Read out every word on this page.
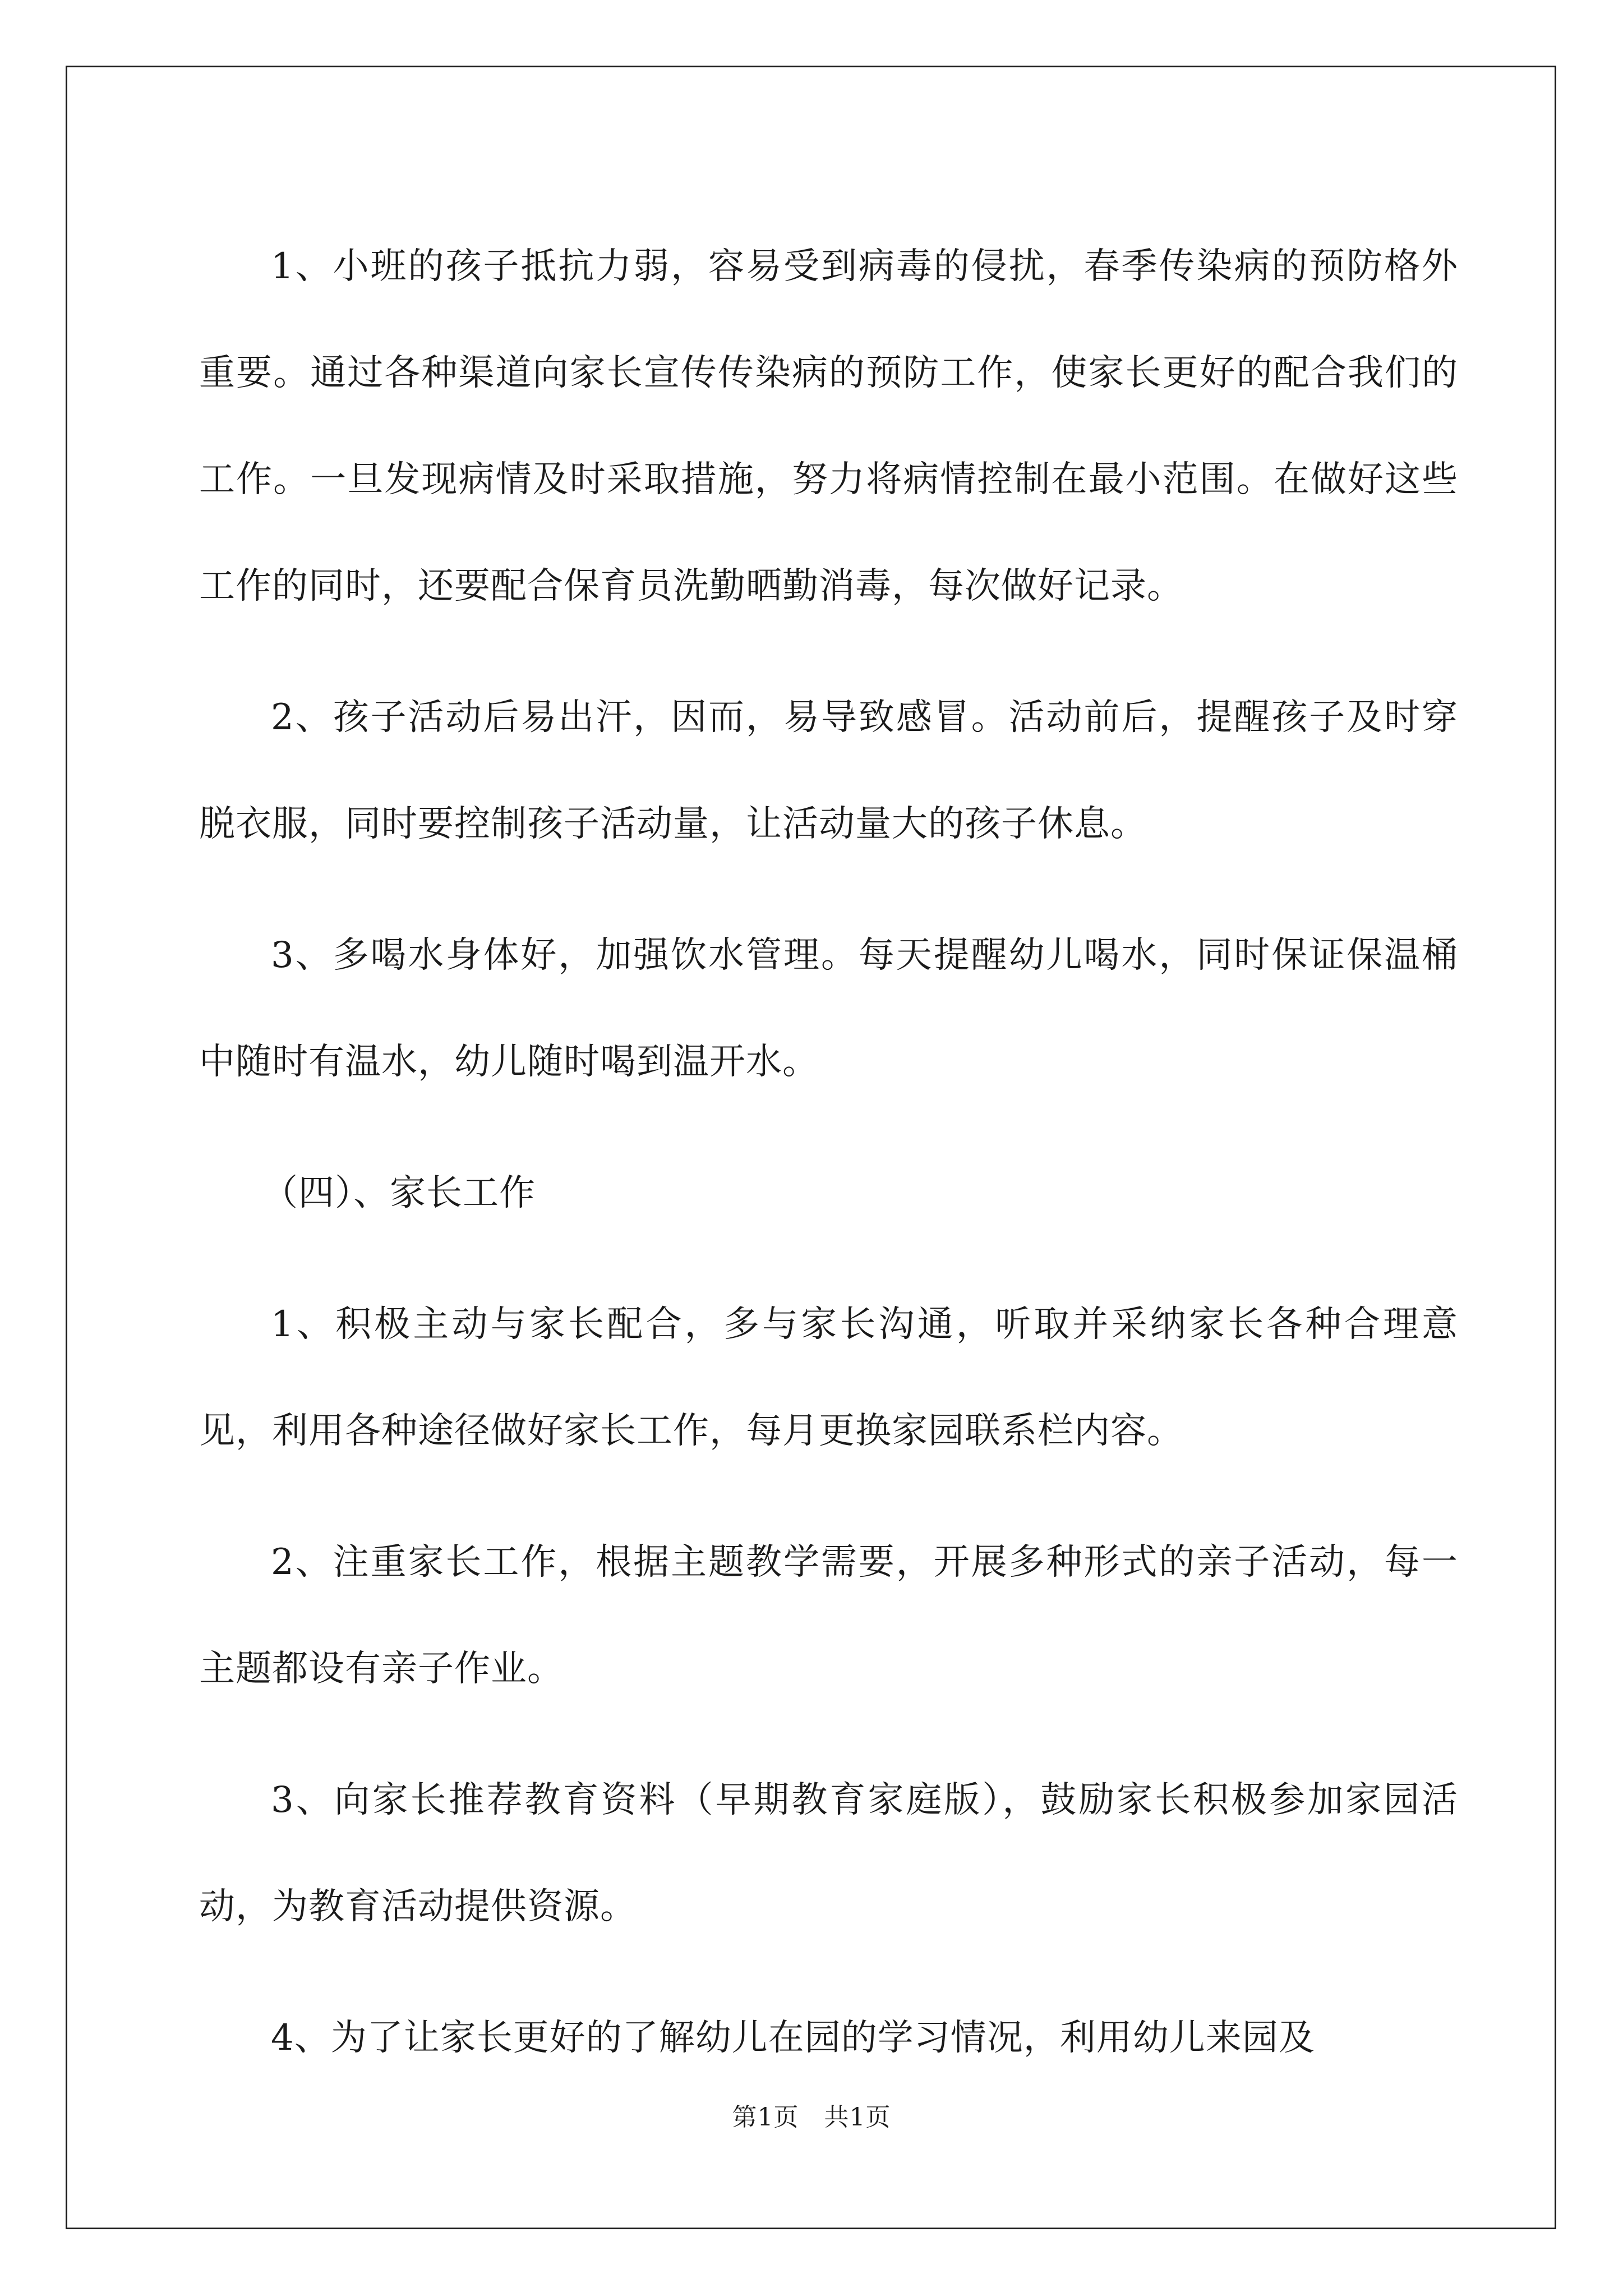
1、小班的孩子抵抗力弱，容易受到病毒的侵扰，春季传染病的预防格外重要。通过各种渠道向家长宣传传染病的预防工作，使家长更好的配合我们的工作。一旦发现病情及时采取措施，努力将病情控制在最小范围。在做好这些工作的同时，还要配合保育员洗勤晒勤消毒，每次做好记录。

2、孩子活动后易出汗，因而，易导致感冒。活动前后，提醒孩子及时穿脱衣服，同时要控制孩子活动量，让活动量大的孩子休息。

3、多喝水身体好，加强饮水管理。每天提醒幼儿喝水，同时保证保温桶中随时有温水，幼儿随时喝到温开水。

（四）、家长工作

1、积极主动与家长配合，多与家长沟通，听取并采纳家长各种合理意见，利用各种途径做好家长工作，每月更换家园联系栏内容。

2、注重家长工作，根据主题教学需要，开展多种形式的亲子活动，每一主题都设有亲子作业。

3、向家长推荐教育资料（早期教育家庭版），鼓励家长积极参加家园活动，为教育活动提供资源。

4、为了让家长更好的了解幼儿在园的学习情况，利用幼儿来园及

第1页　共1页
